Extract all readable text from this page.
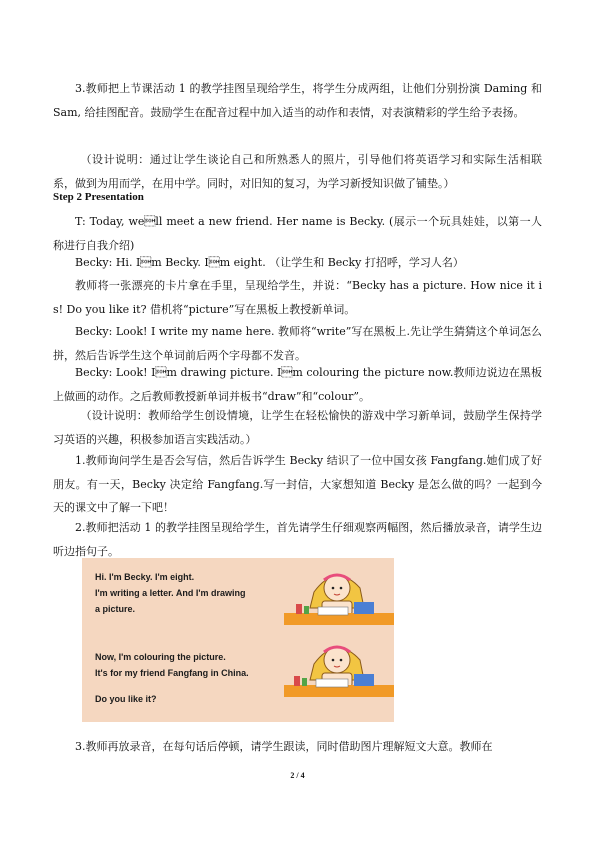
3.教师把上节课活动 1 的教学挂图呈现给学生，将学生分成两组，让他们分别扮演 Daming 和 Sam, 给挂图配音。鼓励学生在配音过程中加入适当的动作和表情，对表演精彩的学生给予表扬。

（设计说明：通过让学生谈论自己和所熟悉人的照片，引导他们将英语学习和实际生活相联系，做到为用而学，在用中学。同时，对旧知的复习，为学习新授知识做了铺垫。）

Step 2 Presentation

T: Today, well meet a new friend. Her name is Becky. (展示一个玩具娃娃，以第一人称进行自我介绍)

Becky: Hi. Im Becky. Im eight. （让学生和 Becky 打招呼，学习人名）

教师将一张漂亮的卡片拿在手里，呈现给学生，并说：“Becky has a picture. How nice it is! Do you like it? 借机将“picture”写在黑板上教授新单词。

Becky: Look! I write my name here. 教师将“write”写在黑板上.先让学生猜猜这个单词怎么拼，然后告诉学生这个单词前后两个字母都不发音。

Becky: Look! Im drawing picture. Im colouring the picture now.教师边说边在黑板上做画的动作。之后教师教授新单词并板书“draw”和“colour”。

（设计说明：教师给学生创设情境，让学生在轻松愉快的游戏中学习新单词，鼓励学生保持学习英语的兴趣，积极参加语言实践活动。）

1.教师询问学生是否会写信，然后告诉学生 Becky 结识了一位中国女孩 Fangfang.她们成了好朋友。有一天，Becky 决定给 Fangfang.写一封信，大家想知道 Becky 是怎么做的吗？一起到今天的课文中了解一下吧！

2.教师把活动 1 的教学挂图呈现给学生，首先请学生仔细观察两幅图，然后播放录音，请学生边听边指句子。

Hi. I'm Becky. I'm eight.
I'm writing a letter. And I'm drawing
a picture.
Now, I'm colouring the picture.
It's for my friend Fangfang in China.
Do you like it?

3.教师再放录音，在每句话后停顿，请学生跟读，同时借助图片理解短文大意。教师在

2 / 4
